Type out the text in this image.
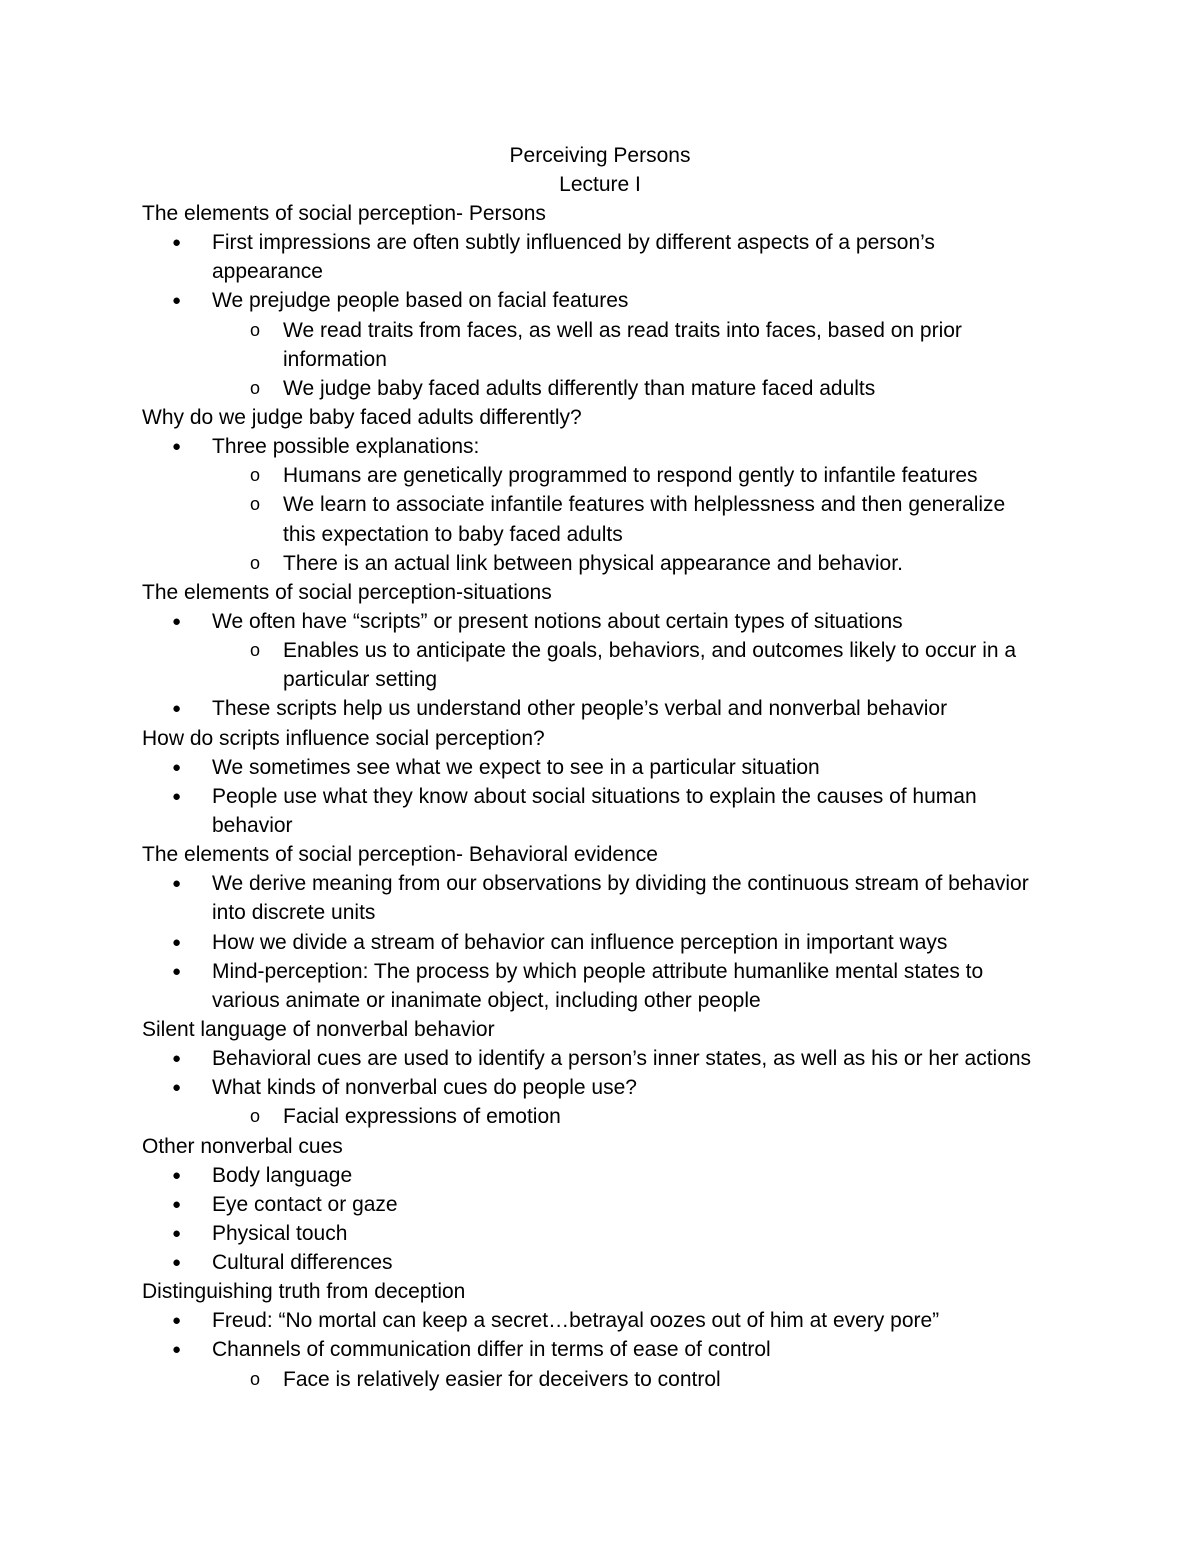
Perceiving Persons
Lecture I
The elements of social perception- Persons
● First impressions are often subtly influenced by different aspects of a person’s
appearance
● We prejudge people based on facial features
o We read traits from faces, as well as read traits into faces, based on prior
information
o We judge baby faced adults differently than mature faced adults
Why do we judge baby faced adults differently?
● Three possible explanations:
o Humans are genetically programmed to respond gently to infantile features
o We learn to associate infantile features with helplessness and then generalize
this expectation to baby faced adults
o There is an actual link between physical appearance and behavior.
The elements of social perception-situations
● We often have “scripts” or present notions about certain types of situations
o Enables us to anticipate the goals, behaviors, and outcomes likely to occur in a
particular setting
● These scripts help us understand other people’s verbal and nonverbal behavior
How do scripts influence social perception?
● We sometimes see what we expect to see in a particular situation
● People use what they know about social situations to explain the causes of human
behavior
The elements of social perception- Behavioral evidence
● We derive meaning from our observations by dividing the continuous stream of behavior
into discrete units
● How we divide a stream of behavior can influence perception in important ways
● Mind-perception: The process by which people attribute humanlike mental states to
various animate or inanimate object, including other people
Silent language of nonverbal behavior
● Behavioral cues are used to identify a person’s inner states, as well as his or her actions
● What kinds of nonverbal cues do people use?
o Facial expressions of emotion
Other nonverbal cues
● Body language
● Eye contact or gaze
● Physical touch
● Cultural differences
Distinguishing truth from deception
● Freud: “No mortal can keep a secret…betrayal oozes out of him at every pore”
● Channels of communication differ in terms of ease of control
o Face is relatively easier for deceivers to control
